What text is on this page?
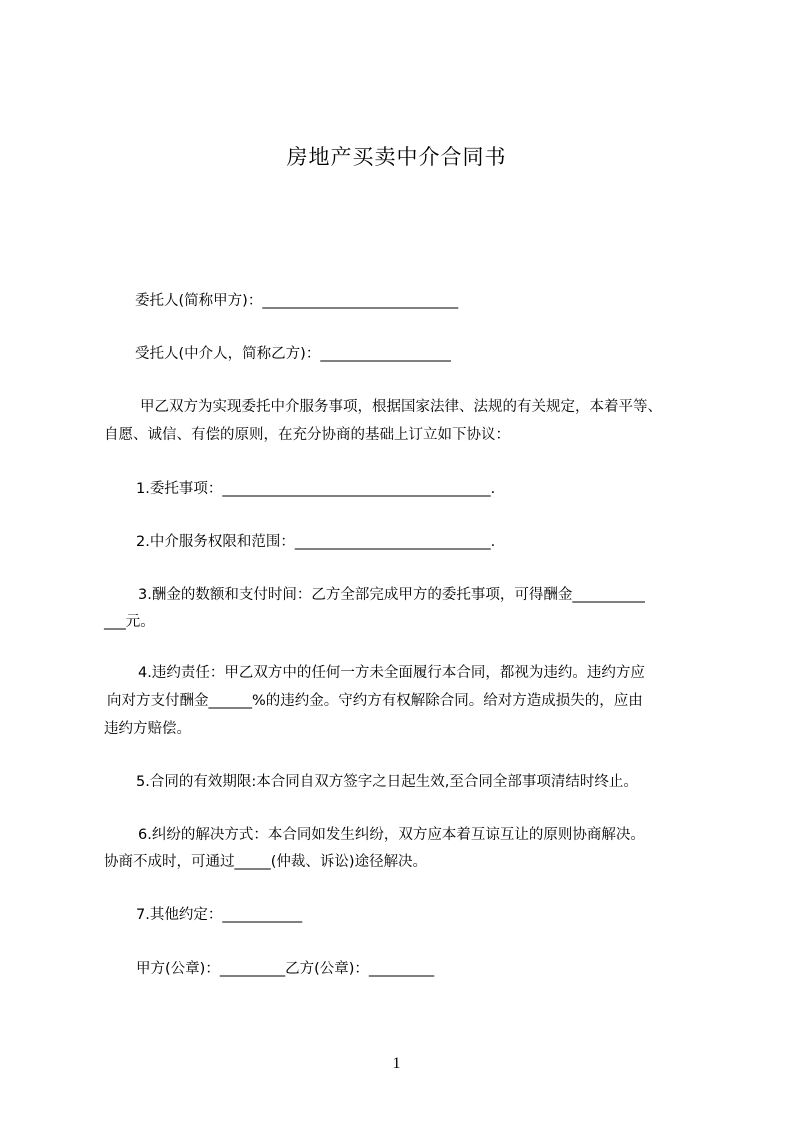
房地产买卖中介合同书
委托人(简称甲方)：___________________________
受托人(中介人，简称乙方)：__________________
甲乙双方为实现委托中介服务事项，根据国家法律、法规的有关规定，本着平等、
自愿、诚信、有偿的原则，在充分协商的基础上订立如下协议：
1.委托事项：_____________________________________.
2.中介服务权限和范围：___________________________.
3.酬金的数额和支付时间：乙方全部完成甲方的委托事项，可得酬金__________
___元。
4.违约责任：甲乙双方中的任何一方未全面履行本合同，都视为违约。违约方应
向对方支付酬金______%的违约金。守约方有权解除合同。给对方造成损失的，应由
违约方赔偿。
5.合同的有效期限:本合同自双方签字之日起生效,至合同全部事项清结时终止。
6.纠纷的解决方式：本合同如发生纠纷，双方应本着互谅互让的原则协商解决。
协商不成时，可通过_____(仲裁、诉讼)途径解决。
7.其他约定：___________
甲方(公章)：_________乙方(公章)：_________
1
